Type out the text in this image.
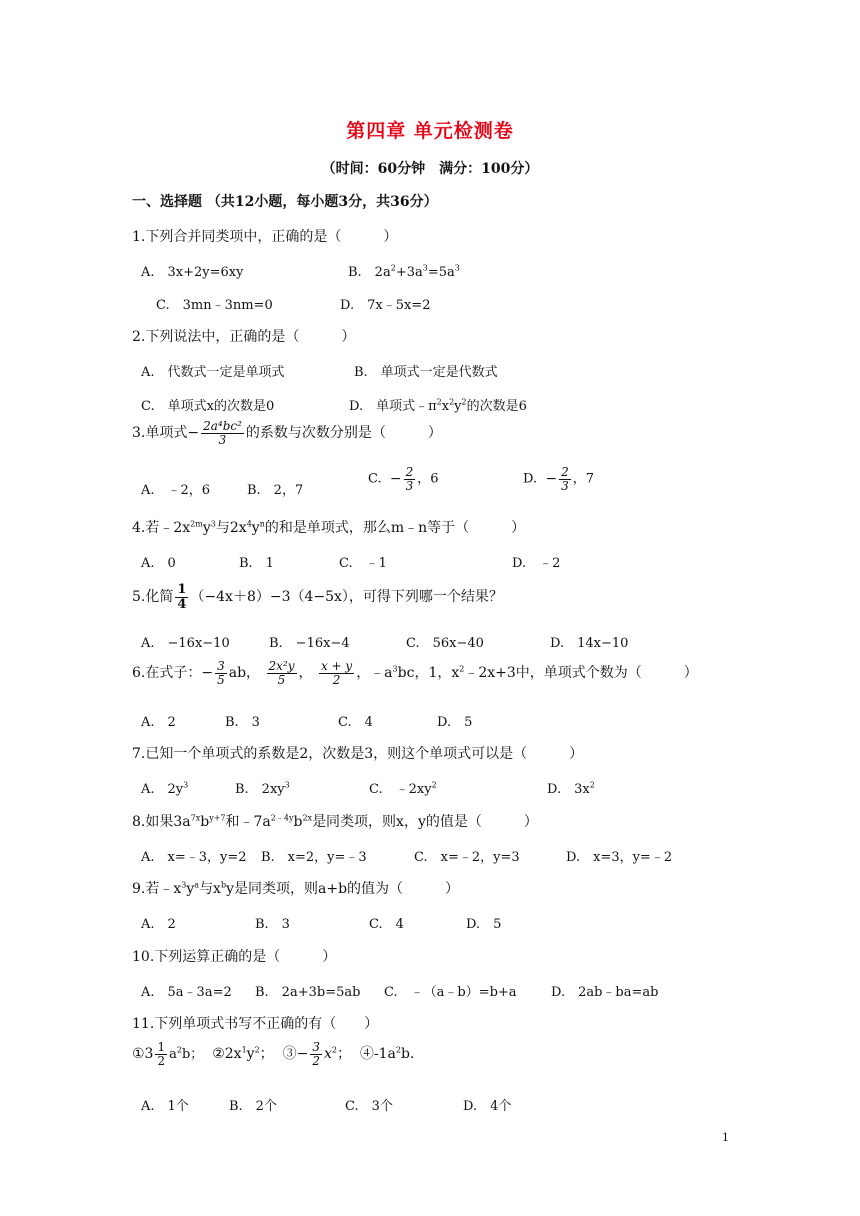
第四章 单元检测卷
（时间：60分钟　满分：100分）
一、选择题 （共12小题，每小题3分，共36分）
1.下列合并同类项中，正确的是（　　　）
A.　3x+2y=6xy	B.　$2a^2+3a^3=5a^3$
C.　3mn﹣3nm=0	D.　7x﹣5x=2
2.下列说法中，正确的是（　　　）
A.　代数式一定是单项式	B.　单项式一定是代数式
C.　单项式x的次数是0	D.　单项式$﹣\pi^2x^2y^2$的次数是6
3.单项式− $\frac{\text{2a⁴bc²}}{3}$ 的系数与次数分别是（　　　）
A.　﹣2，6	B.　2，7
C. − $\frac{2}{3}$ ，6	D. − $\frac{2}{3}$ ，7
4.若$﹣2x^{2m}y^3$与$2x^4y^n$的和是单项式，那么m﹣n等于（　　　）
A.　0	B.　1	C.　﹣1	D.　﹣2
5.化简 $\frac{1}{4} (-4x+8)-3(4-5x)$，可得下列哪一个结果？
A.　−16x−10	B.　−16x−4	C.　56x−40	D.　14x−10
6.在式子：− $\frac{3}{5}$ ab， $\frac{\text{2x²y}}{5}$ ， $\frac{x + y}{2}$ ，$﹣a^3bc$，1，$x^2﹣2x+3$中，单项式个数为（　　　）
A.　2	B.　3	C.　4	D.　5
7.已知一个单项式的系数是2，次数是3，则这个单项式可以是（　　　）
A.　$2y^3$	B.　$2xy^3$	C.　$﹣2xy^2$	D.　$3x^2$
8.如果$3a^{7x}b^{y+7}$和$﹣7a^{2﹣4y}b^{2x}$是同类项，则x，y的值是（　　　）
A.　x=﹣3，y=2 B.　x=2，y=﹣3	C.　x=﹣2，y=3	D.　x=3，y=﹣2
9.若$﹣x^3y^a$与$x^by$是同类项，则a+b的值为（　　　）
A.　2	B.　3	C.　4	D.　5
10.下列运算正确的是（　　　）
A.　5a﹣3a=2 B.　2a+3b=5ab C.　﹣（a﹣b）=b+a	D.　2ab﹣ba=ab
11.下列单项式书写不正确的有（　　）
①3 $\frac{1}{2} a^2b$； $②2x^1y^2$； ③− $\frac{3}{2} x^2$； $④-1a^2b$.
A.　1个	B.　2个	C.　3个	D.　4个
1
